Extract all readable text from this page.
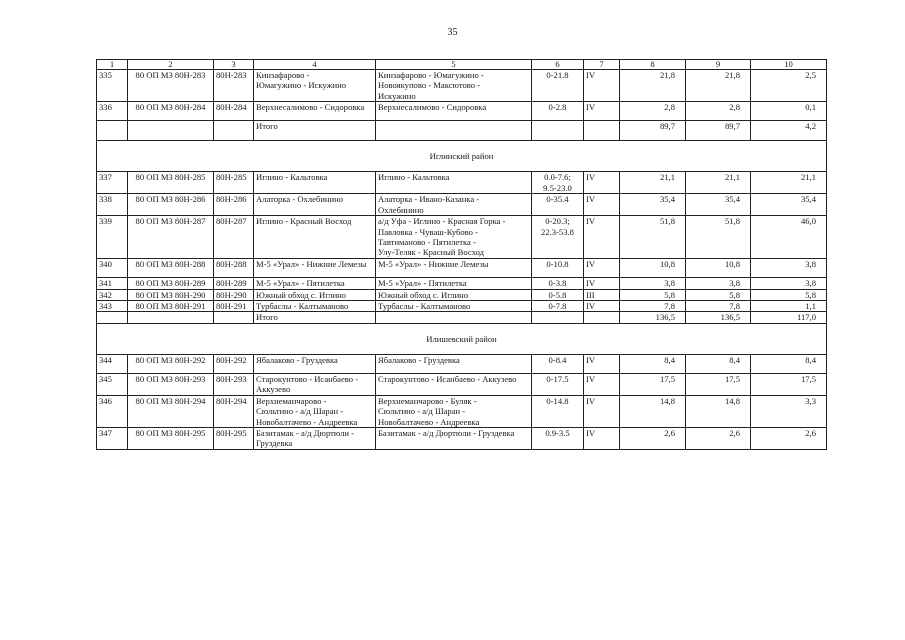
35
1	2	3	4	5	6	7	8	9	10
335	80 ОП МЗ 80Н-283	80Н-283	Кинзафарово -
Юмагужино - Искужино	Кинзафарово - Юмагужино -
Новоякупово - Максютово -
Искужино	0-21.8	IV	21,8	21,8	2,5
336	80 ОП МЗ 80Н-284	80Н-284	Верхнесалимово - Сидоровка	Верхнесалимово - Сидоровка	0-2.8	IV	2,8	2,8	0,1
			Итого				89,7	89,7	4,2
Иглинский район									
337	80 ОП МЗ 80Н-285	80Н-285	Иглино - Кальтовка	Иглино - Кальтовка	0.0-7.6;
9.5-23.0	IV	21,1	21,1	21,1
338	80 ОП МЗ 80Н-286	80Н-286	Алаторка - Охлебинино	Алаторка - Ивано-Казанка -
Охлебинино	0-35.4	IV	35,4	35,4	35,4
339	80 ОП МЗ 80Н-287	80Н-287	Иглино - Красный Восход	а/д Уфа - Иглино - Красная Горка -
Павловка - Чуваш-Кубово -
Тавтиманово - Пятилетка -
Улу-Теляк - Красный Восход	0-20.3;
22.3-53.8	IV	51,8	51,8	46,0
340	80 ОП МЗ 80Н-288	80Н-288	М-5 «Урал» - Нижние Лемезы	М-5 «Урал» - Нижние Лемезы	0-10.8	IV	10,8	10,8	3,8
341	80 ОП МЗ 80Н-289	80Н-289	М-5 «Урал» - Пятилетка	М-5 «Урал» - Пятилетка	0-3.8	IV	3,8	3,8	3,8
342	80 ОП МЗ 80Н-290	80Н-290	Южный обход с. Иглино	Южный обход с. Иглино	0-5.8	III	5,8	5,8	5,8
343	80 ОП МЗ 80Н-291	80Н-291	Турбаслы - Калтыманово	Турбаслы - Калтыманово	0-7.8	IV	7,8	7,8	1,1
			Итого				136,5	136,5	117,0
Илишевский район									
344	80 ОП МЗ 80Н-292	80Н-292	Ябалаково - Груздевка	Ябалаково - Груздевка	0-8.4	IV	8,4	8,4	8,4
345	80 ОП МЗ 80Н-293	80Н-293	Старокунтово - Исанбаево -
Аккузево	Старокунтово - Исанбаево - Аккузево	0-17.5	IV	17,5	17,5	17,5
346	80 ОП МЗ 80Н-294	80Н-294	Верхнеманчарово -
Сюльтино - а/д Шаран -
Новобалтачево - Андреевка	Верхнеманчарово - Буляк -
Сюльтино - а/д Шаран -
Новобалтачево - Андреевка	0-14.8	IV	14,8	14,8	3,3
347	80 ОП МЗ 80Н-295	80Н-295	Базитамак - а/д Дюртюли -
Груздевка	Базитамак - а/д Дюртюли - Груздевка	0.9-3.5	IV	2,6	2,6	2,6
